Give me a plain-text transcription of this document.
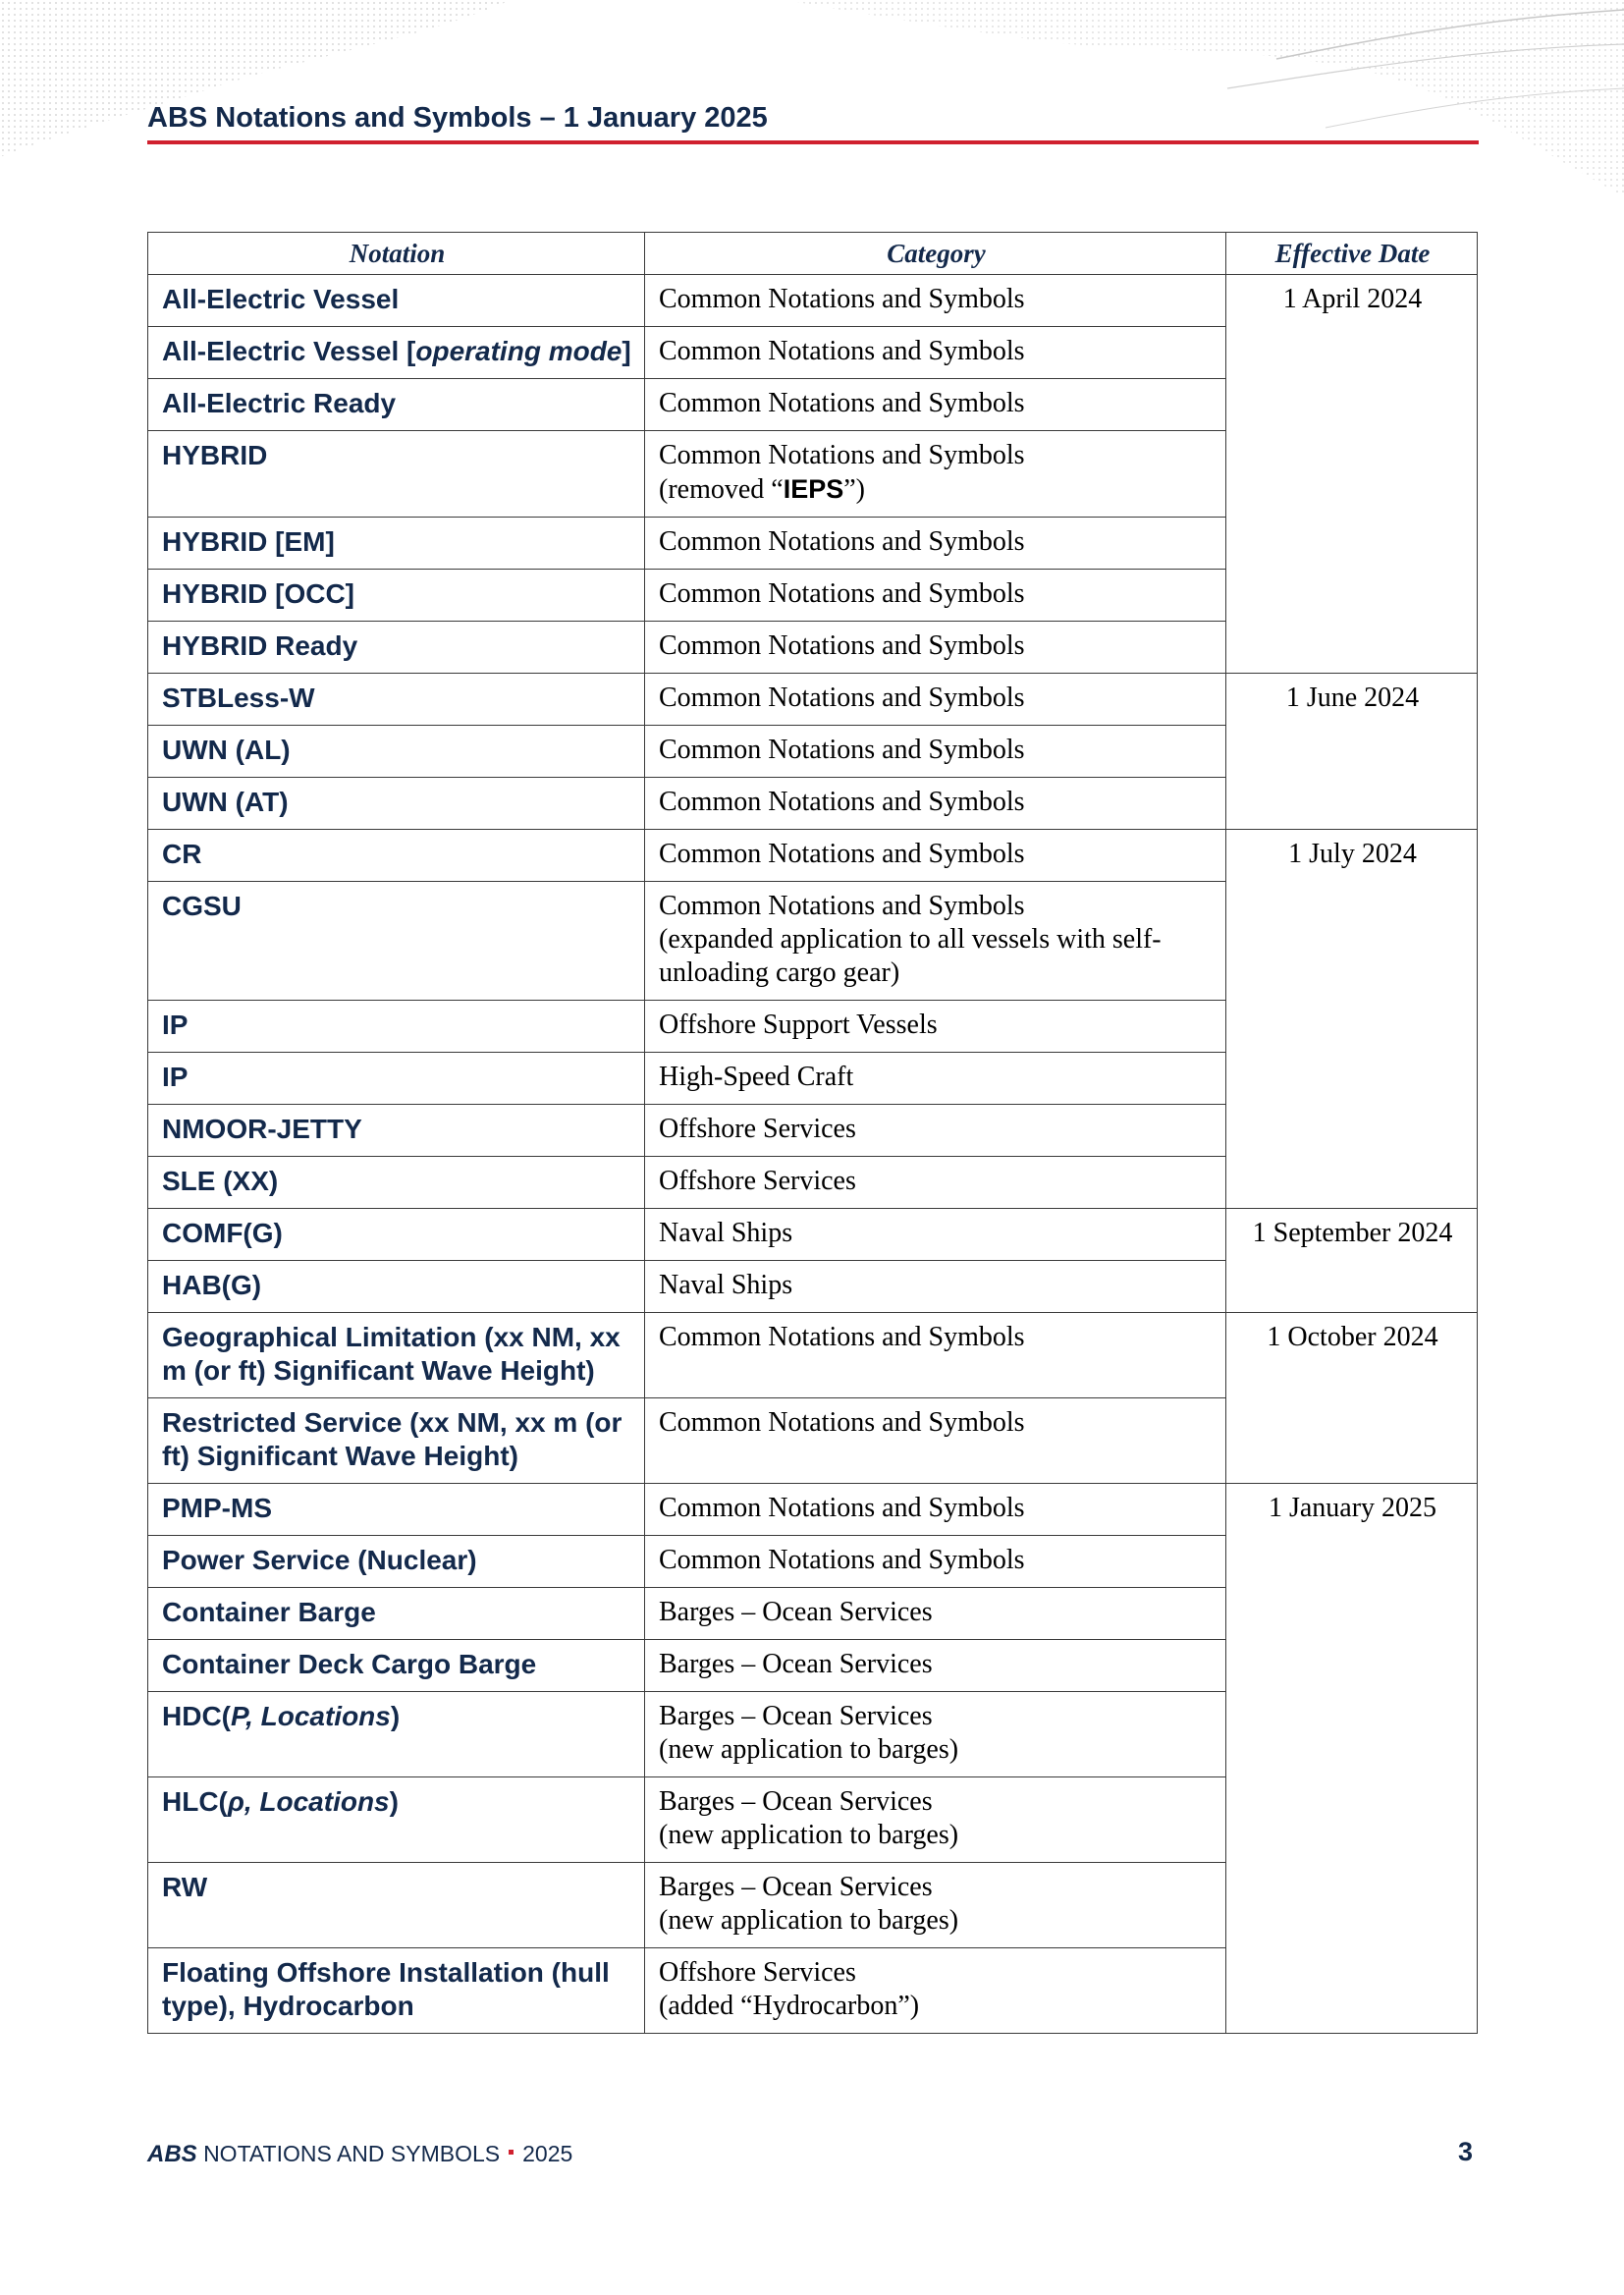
ABS Notations and Symbols – 1 January 2025
Notation	Category	Effective Date
All-Electric Vessel	Common Notations and Symbols	1 April 2024
All-Electric Vessel [operating mode]	Common Notations and Symbols	

All-Electric Ready	Common Notations and Symbols	

HYBRID	Common Notations and Symbols
(removed “IEPS”)	

HYBRID [EM]	Common Notations and Symbols	

HYBRID [OCC]	Common Notations and Symbols	

HYBRID Ready	Common Notations and Symbols	

STBLess-W	Common Notations and Symbols	1 June 2024
UWN (AL)	Common Notations and Symbols	

UWN (AT)	Common Notations and Symbols	

CR	Common Notations and Symbols	1 July 2024
CGSU	Common Notations and Symbols
(expanded application to all vessels with self-
unloading cargo gear)	

IP	Offshore Support Vessels	

IP	High-Speed Craft	

NMOOR-JETTY	Offshore Services	

SLE (XX)	Offshore Services	

COMF(G)	Naval Ships	1 September 2024
HAB(G)	Naval Ships	

Geographical Limitation (xx NM, xx m (or ft) Significant Wave Height)	Common Notations and Symbols	1 October 2024
Restricted Service (xx NM, xx m (or ft) Significant Wave Height)	Common Notations and Symbols	

PMP-MS	Common Notations and Symbols	1 January 2025
Power Service (Nuclear)	Common Notations and Symbols	

Container Barge	Barges – Ocean Services	

Container Deck Cargo Barge	Barges – Ocean Services	

HDC(P, Locations)	Barges – Ocean Services
(new application to barges)	

HLC(ρ, Locations)	Barges – Ocean Services
(new application to barges)	

RW	Barges – Ocean Services
(new application to barges)	

Floating Offshore Installation (hull type), Hydrocarbon	Offshore Services
(added “Hydrocarbon”)	
ABS NOTATIONS AND SYMBOLS 2025	3
